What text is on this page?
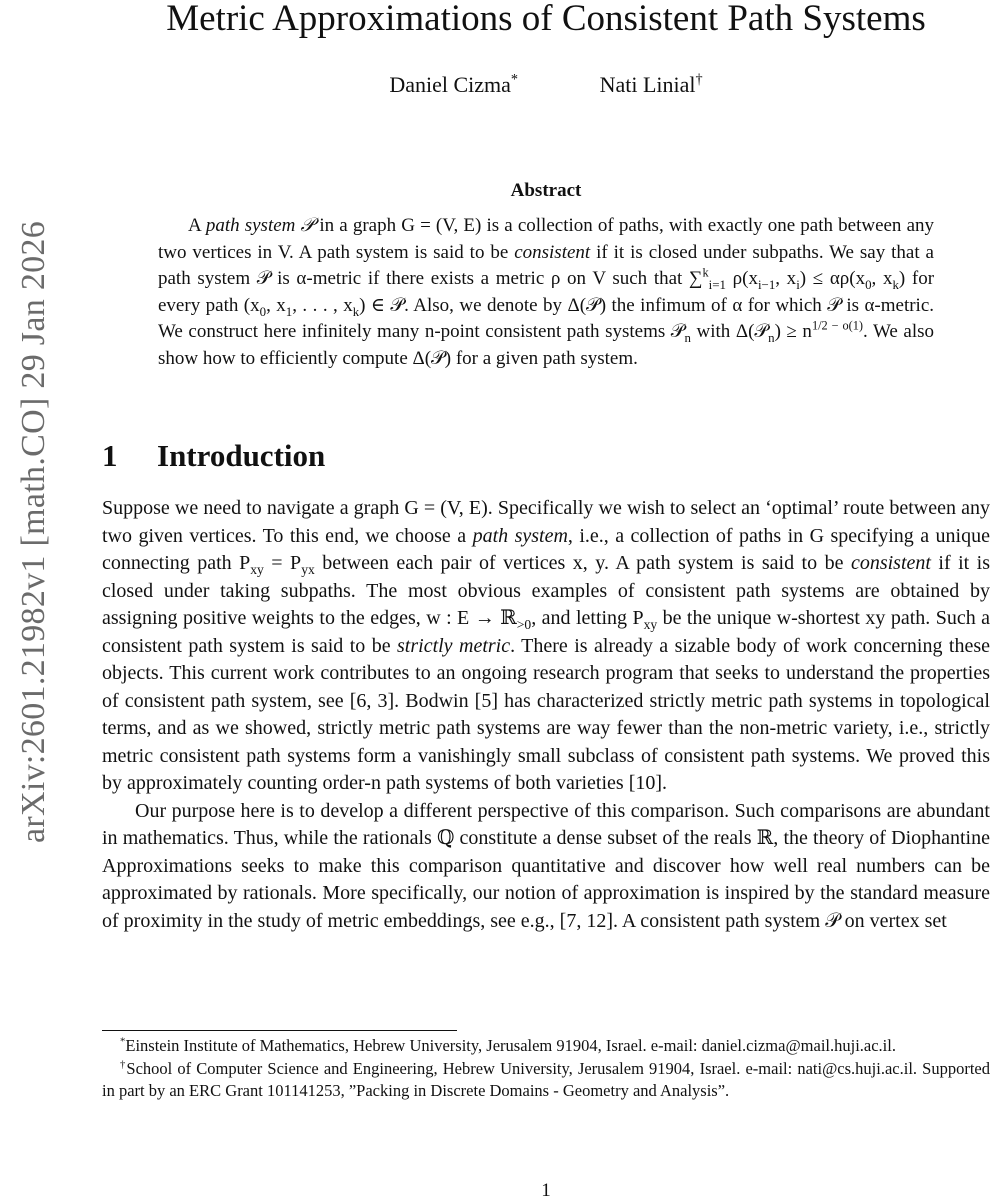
arXiv:2601.21982v1 [math.CO] 29 Jan 2026
Metric Approximations of Consistent Path Systems
Daniel Cizma*	Nati Linial†
Abstract
A path system 𝒫 in a graph G = (V, E) is a collection of paths, with exactly one path between any two vertices in V. A path system is said to be consistent if it is closed under subpaths. We say that a path system 𝒫 is α-metric if there exists a metric ρ on V such that ∑$^k_{i=1}$ $\rho(x_{i-1}$, $x_i) \le \alpha\rho(x_0$, $x_k$) for every path ($x_0$, $x_1$, . . . , $x_k$) ∈ 𝒫. Also, we denote by Δ(𝒫) the infimum of α for which 𝒫 is α-metric. We construct here infinitely many n-point consistent path systems 𝒫$_n$ with Δ(𝒫$_n$) ≥ $n^{1/2 - o(1)}$. We also show how to efficiently compute Δ(𝒫) for a given path system.
1 Introduction

Suppose we need to navigate a graph G = (V, E). Specifically we wish to select an ‘optimal’ route between any two given vertices. To this end, we choose a path system, i.e., a collection of paths in G specifying a unique connecting path $P_{xy} = P_{yx}$ between each pair of vertices x, y. A path system is said to be consistent if it is closed under taking subpaths. The most obvious examples of consistent path systems are obtained by assigning positive weights to the edges, w : E → ℝ$_{>0}$, and letting $P_{xy}$ be the unique w-shortest xy path. Such a consistent path system is said to be strictly metric. There is already a sizable body of work concerning these objects. This current work contributes to an ongoing research program that seeks to understand the properties of consistent path system, see [6, 3]. Bodwin [5] has characterized strictly metric path systems in topological terms, and as we showed, strictly metric path systems are way fewer than the non-metric variety, i.e., strictly metric consistent path systems form a vanishingly small subclass of consistent path systems. We proved this by approximately counting order-n path systems of both varieties [10].

Our purpose here is to develop a different perspective of this comparison. Such comparisons are abundant in mathematics. Thus, while the rationals ℚ constitute a dense subset of the reals ℝ, the theory of Diophantine Approximations seeks to make this comparison quantitative and discover how well real numbers can be approximated by rationals. More specifically, our notion of approximation is inspired by the standard measure of proximity in the study of metric embeddings, see e.g., [7, 12]. A consistent path system 𝒫 on vertex set

*Einstein Institute of Mathematics, Hebrew University, Jerusalem 91904, Israel. e-mail: daniel.cizma@mail.huji.ac.il.

†School of Computer Science and Engineering, Hebrew University, Jerusalem 91904, Israel. e-mail: nati@cs.huji.ac.il. Supported in part by an ERC Grant 101141253, ”Packing in Discrete Domains - Geometry and Analysis”.

1
